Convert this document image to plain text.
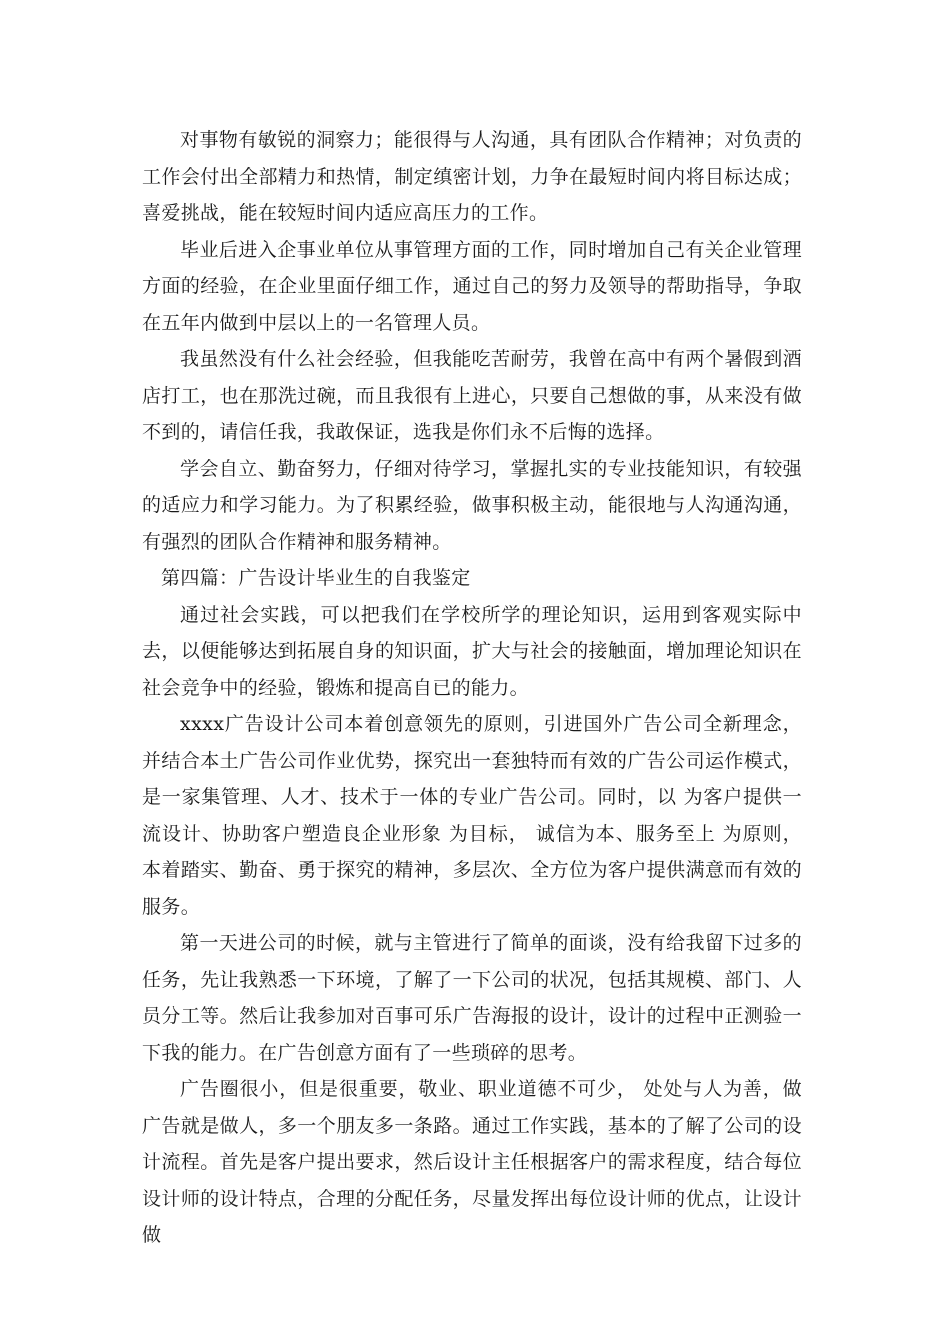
对事物有敏锐的洞察力；能很得与人沟通，具有团队合作精神；对负责的工作会付出全部精力和热情，制定缜密计划，力争在最短时间内将目标达成；喜爱挑战，能在较短时间内适应高压力的工作。

毕业后进入企事业单位从事管理方面的工作，同时增加自己有关企业管理方面的经验，在企业里面仔细工作，通过自己的努力及领导的帮助指导，争取在五年内做到中层以上的一名管理人员。

我虽然没有什么社会经验，但我能吃苦耐劳，我曾在高中有两个暑假到酒店打工，也在那洗过碗，而且我很有上进心，只要自己想做的事，从来没有做不到的，请信任我，我敢保证，选我是你们永不后悔的选择。

学会自立、勤奋努力，仔细对待学习，掌握扎实的专业技能知识，有较强的适应力和学习能力。为了积累经验，做事积极主动，能很地与人沟通沟通，有强烈的团队合作精神和服务精神。

第四篇：广告设计毕业生的自我鉴定

通过社会实践，可以把我们在学校所学的理论知识，运用到客观实际中去，以便能够达到拓展自身的知识面，扩大与社会的接触面，增加理论知识在社会竞争中的经验，锻炼和提高自已的能力。

xxxx广告设计公司本着创意领先的原则，引进国外广告公司全新理念，并结合本土广告公司作业优势，探究出一套独特而有效的广告公司运作模式，是一家集管理、人才、技术于一体的专业广告公司。同时，以 为客户提供一流设计、协助客户塑造良企业形象 为目标， 诚信为本、服务至上 为原则， 本着踏实、勤奋、勇于探究的精神，多层次、全方位为客户提供满意而有效的服务。

第一天进公司的时候，就与主管进行了简单的面谈，没有给我留下过多的任务，先让我熟悉一下环境，了解了一下公司的状况，包括其规模、部门、人员分工等。然后让我参加对百事可乐广告海报的设计，设计的过程中正测验一下我的能力。在广告创意方面有了一些琐碎的思考。

广告圈很小，但是很重要，敬业、职业道德不可少， 处处与人为善，做广告就是做人，多一个朋友多一条路。通过工作实践，基本的了解了公司的设计流程。首先是客户提出要求，然后设计主任根据客户的需求程度，结合每位设计师的设计特点，合理的分配任务，尽量发挥出每位设计师的优点，让设计做
